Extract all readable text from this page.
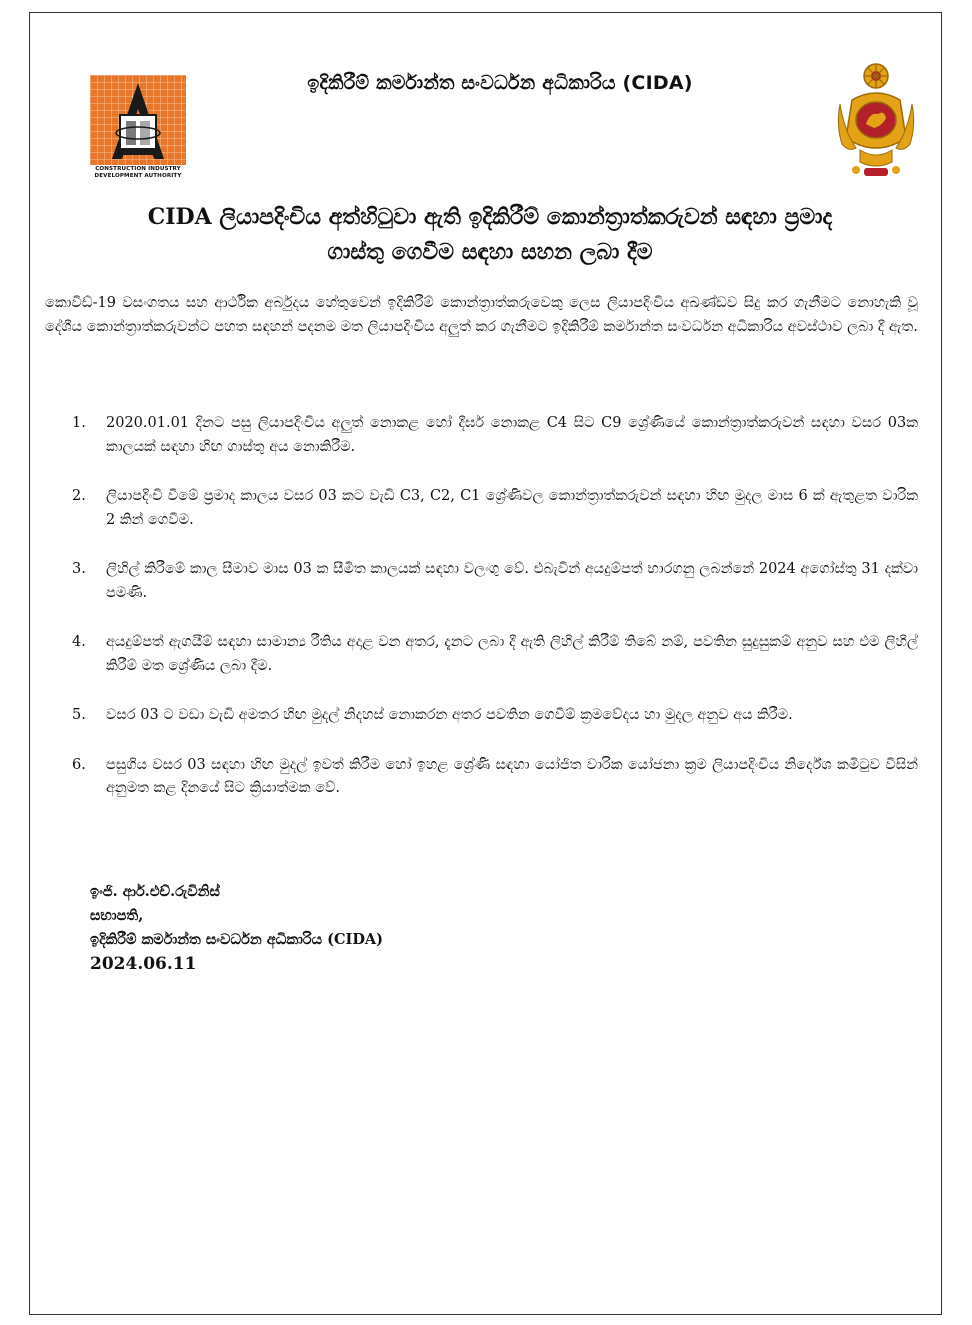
CONSTRUCTION INDUSTRY
DEVELOPMENT AUTHORITY
ඉදිකිරීම් කර්මාන්ත සංවර්ධන අධිකාරිය (CIDA)
CIDA ලියාපදිංචිය අත්හිටුවා ඇති ඉදිකිරීම් කොන්ත්‍රාත්කරුවන් සඳහා ප්‍රමාද
ගාස්තු ගෙවීම සඳහා සහන ලබා දීම
කොවිඩ්-19 වසංගතය සහ ආර්ථික අර්බුදය හේතුවෙන් ඉදිකිරීම් කොන්ත්‍රාත්කරුවෙකු ලෙස ලියාපදිංචිය අඛණ්ඩව සිදු කර ගැනීමට නොහැකි වූ දේශීය කොන්ත්‍රාත්කරුවන්ට පහත සඳහන් පදනම මත ලියාපදිංචිය අලුත් කර ගැනීමට ඉදිකිරීම් කර්මාන්ත සංවර්ධන අධිකාරිය අවස්ථාව ලබා දී ඇත.
1. 2020.01.01 දිනට පසු ලියාපදිංචිය අලුත් නොකළ හෝ දීර්ඝ නොකළ C4 සිට C9 ශ්‍රේණියේ කොන්ත්‍රාත්කරුවන් සඳහා වසර 03ක කාලයක් සඳහා හිඟ ගාස්තු අය නොකිරීම.
2. ලියාපදිංචි වීමේ ප්‍රමාද කාලය වසර 03 කට වැඩි C3, C2, C1 ශ්‍රේණිවල කොන්ත්‍රාත්කරුවන් සඳහා හිඟ මුදල මාස 6 ක් ඇතුළත වාරික 2 කින් ගෙවීම.
3. ලිහිල් කිරීමේ කාල සීමාව මාස 03 ක සීමිත කාලයක් සඳහා වලංගු වේ. එබැවින් අයදුම්පත් භාරගනු ලබන්නේ 2024 අගෝස්තු 31 දක්වා පමණි.
4. අයදුම්පත් ඇගයීම් සඳහා සාමාන්‍ය රීතිය අදාළ වන අතර, දැනට ලබා දී ඇති ලිහිල් කිරීම් තිබේ නම්, පවතින සුදුසුකම් අනුව සහ එම ලිහිල් කිරීම් මත ශ්‍රේණිය ලබා දීම.
5. වසර 03 ට වඩා වැඩි අමතර හිඟ මුදල් නිදහස් නොකරන අතර පවතින ගෙවීම් ක්‍රමවේදය හා මුදල අනුව අය කිරීම.
6. පසුගිය වසර 03 සඳහා හිඟ මුදල් ඉවත් කිරීම හෝ ඉහළ ශ්‍රේණි සඳහා යෝජිත වාරික යෝජනා ක්‍රම ලියාපදිංචිය නිර්දේශ කමිටුව විසින් අනුමත කළ දිනයේ සිට ක්‍රියාත්මක වේ.
ඉංජි. ආර්.එච්.රුවිනිස්
සභාපති,
ඉදිකිරීම් කර්මාන්ත සංවර්ධන අධිකාරිය (CIDA)
2024.06.11
